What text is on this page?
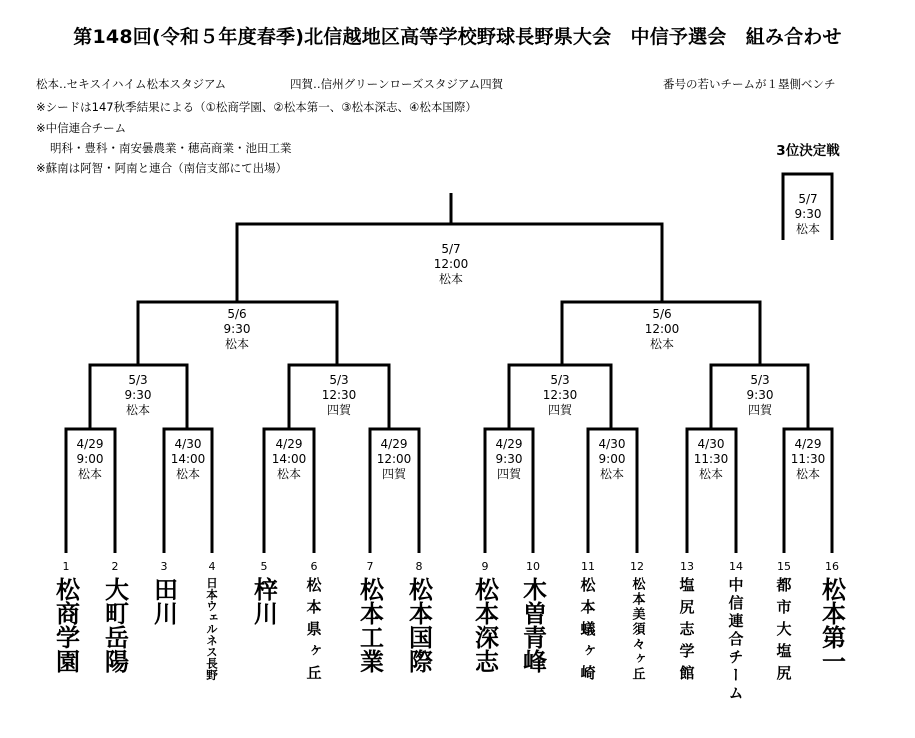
第148回(令和５年度春季)北信越地区高等学校野球長野県大会　中信予選会　組み合わせ
松本‥セキスイハイム松本スタジアム	四賀‥信州グリーンローズスタジアム四賀	番号の若いチームが１塁側ベンチ
※シードは147秋季結果による（①松商学園、②松本第一、③松本深志、④松本国際）
※中信連合チーム
明科・豊科・南安曇農業・穂高商業・池田工業
※蘇南は阿智・阿南と連合（南信支部にて出場）
3位決定戦
5/7
9:30
松本
5/7
12:00
松本
5/6
9:30
松本
5/6
12:00
松本
5/3
9:30
松本
5/3
12:30
四賀
5/3
12:30
四賀
5/3
9:30
四賀
4/29
9:00
松本
4/30
14:00
松本
4/29
14:00
松本
4/29
12:00
四賀
4/29
9:30
四賀
4/30
9:00
松本
4/30
11:30
松本
4/29
11:30
松本
1	2	3	4	5	6	7	8	9	10	11	12	13	14	15	16
松商学園 大町岳陽 田川	日本ウェルネス長野	梓川	松本県ヶ丘	松本工業 松本国際 松本深志 木曽青峰	松本蟻ヶ崎	松本美須々ヶ丘	塩尻志学館	中信連合チーム	都市大塩尻	松本第一
